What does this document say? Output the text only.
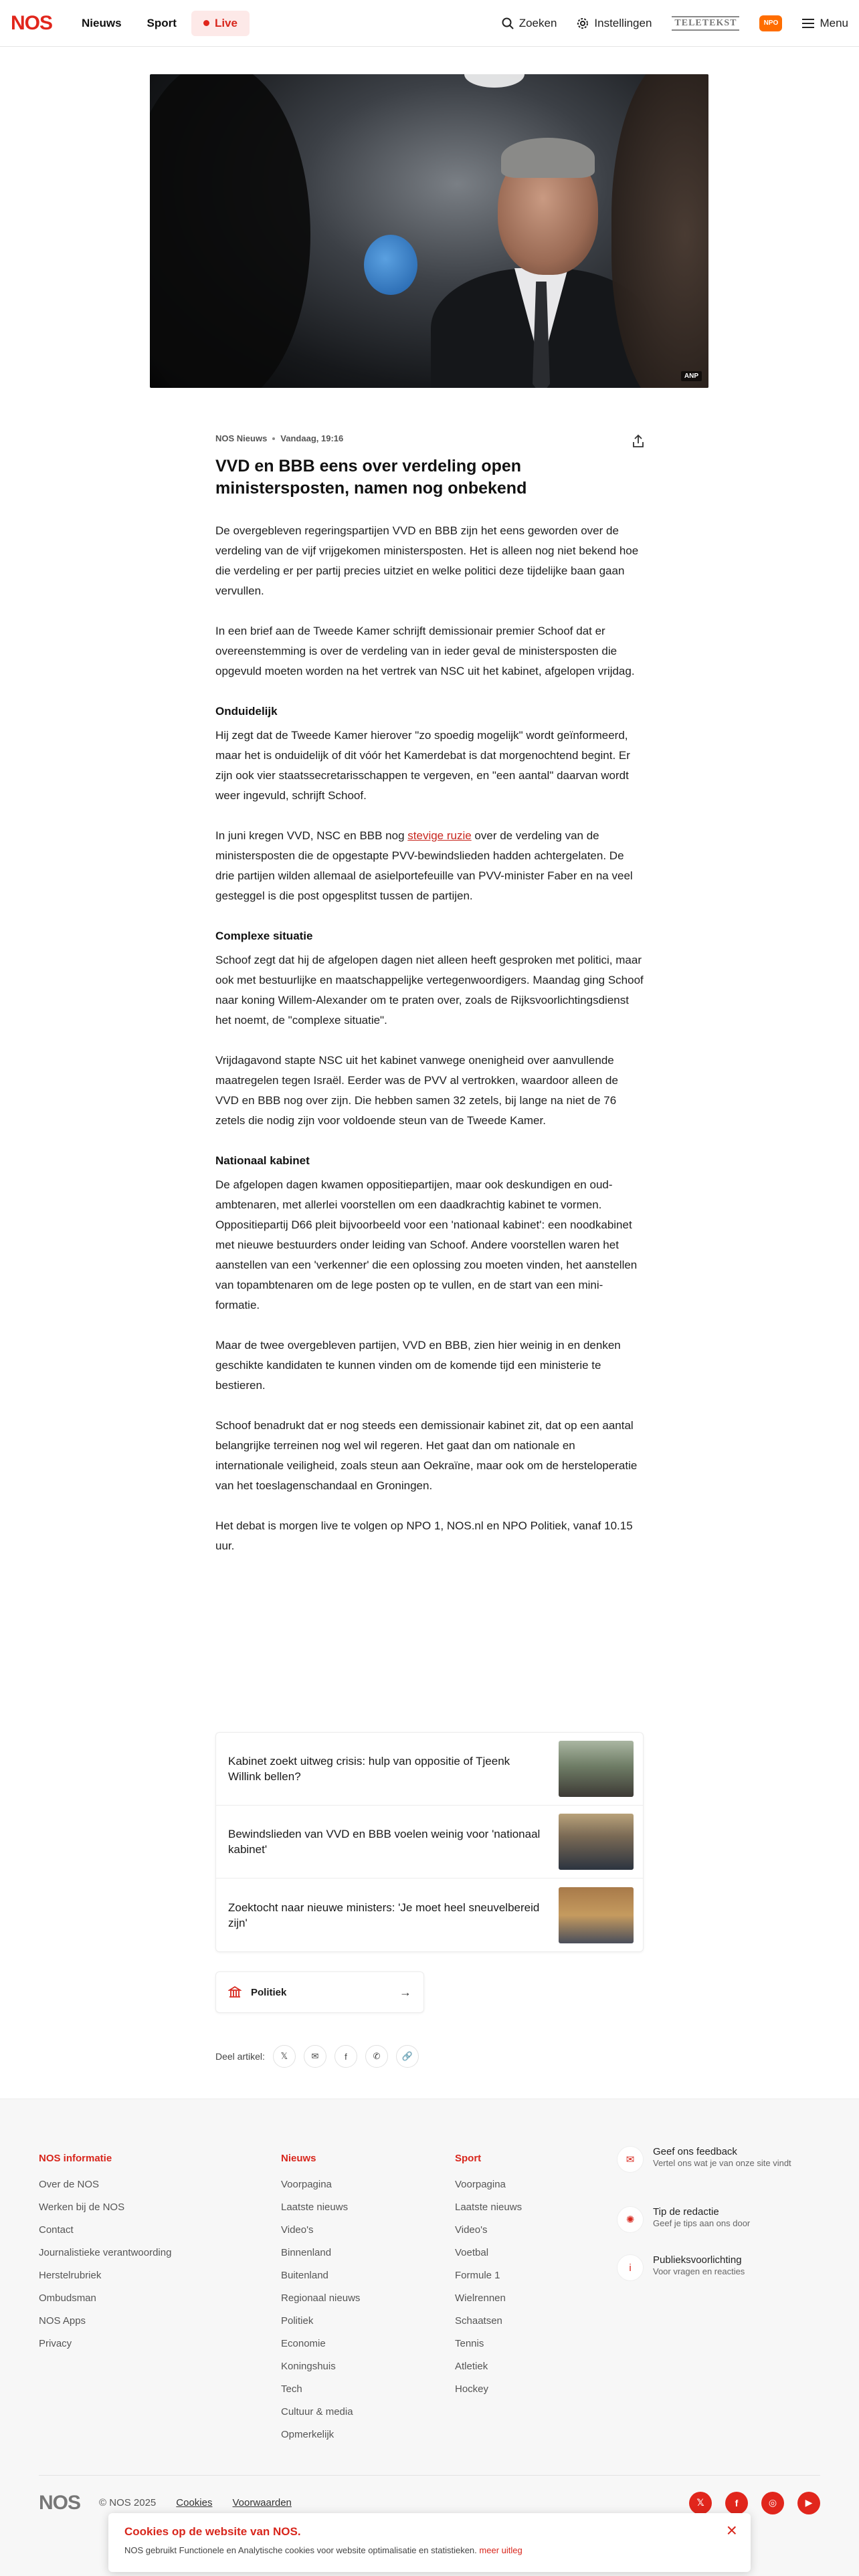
NOS	Nieuws	Sport	Live	Zoeken	Instellingen TELETEKST	NPO	Menu
ANP
NOS Nieuws Vandaag, 19:16
VVD en BBB eens over verdeling open ministersposten, namen nog onbekend

De overgebleven regeringspartijen VVD en BBB zijn het eens geworden over de verdeling van de vijf vrijgekomen ministersposten. Het is alleen nog niet bekend hoe die verdeling er per partij precies uitziet en welke politici deze tijdelijke baan gaan vervullen.

In een brief aan de Tweede Kamer schrijft demissionair premier Schoof dat er overeenstemming is over de verdeling van in ieder geval de ministersposten die opgevuld moeten worden na het vertrek van NSC uit het kabinet, afgelopen vrijdag.

Onduidelijk

Hij zegt dat de Tweede Kamer hierover "zo spoedig mogelijk" wordt geïnformeerd, maar het is onduidelijk of dit vóór het Kamerdebat is dat morgenochtend begint. Er zijn ook vier staatssecretarisschappen te vergeven, en "een aantal" daarvan wordt weer ingevuld, schrijft Schoof.

In juni kregen VVD, NSC en BBB nog stevige ruzie over de verdeling van de ministersposten die de opgestapte PVV-bewindslieden hadden achtergelaten. De drie partijen wilden allemaal de asielportefeuille van PVV-minister Faber en na veel gesteggel is die post opgesplitst tussen de partijen.

Complexe situatie

Schoof zegt dat hij de afgelopen dagen niet alleen heeft gesproken met politici, maar ook met bestuurlijke en maatschappelijke vertegenwoordigers. Maandag ging Schoof naar koning Willem-Alexander om te praten over, zoals de Rijksvoorlichtingsdienst het noemt, de "complexe situatie".

Vrijdagavond stapte NSC uit het kabinet vanwege onenigheid over aanvullende maatregelen tegen Israël. Eerder was de PVV al vertrokken, waardoor alleen de VVD en BBB nog over zijn. Die hebben samen 32 zetels, bij lange na niet de 76 zetels die nodig zijn voor voldoende steun van de Tweede Kamer.

Nationaal kabinet

De afgelopen dagen kwamen oppositiepartijen, maar ook deskundigen en oud-ambtenaren, met allerlei voorstellen om een daadkrachtig kabinet te vormen. Oppositiepartij D66 pleit bijvoorbeeld voor een 'nationaal kabinet': een noodkabinet met nieuwe bestuurders onder leiding van Schoof. Andere voorstellen waren het aanstellen van een 'verkenner' die een oplossing zou moeten vinden, het aanstellen van topambtenaren om de lege posten op te vullen, en de start van een mini-formatie.

Maar de twee overgebleven partijen, VVD en BBB, zien hier weinig in en denken geschikte kandidaten te kunnen vinden om de komende tijd een ministerie te bestieren.

Schoof benadrukt dat er nog steeds een demissionair kabinet zit, dat op een aantal belangrijke terreinen nog wel wil regeren. Het gaat dan om nationale en internationale veiligheid, zoals steun aan Oekraïne, maar ook om de hersteloperatie van het toeslagenschandaal en Groningen.

Het debat is morgen live te volgen op NPO 1, NOS.nl en NPO Politiek, vanaf 10.15 uur.

Kabinet zoekt uitweg crisis: hulp van oppositie of Tjeenk Willink bellen?
Bewindslieden van VVD en BBB voelen weinig voor 'nationaal kabinet'
Zoektocht naar nieuwe ministers: 'Je moet heel sneuvelbereid zijn'
Politiek	→
Deel artikel:	𝕏	✉	f	✆	🔗
NOS informatie
Over de NOS
Werken bij de NOS
Contact
Journalistieke verantwoording
Herstelrubriek
Ombudsman
NOS Apps
Privacy
Nieuws
Voorpagina
Laatste nieuws
Video's
Binnenland
Buitenland
Regionaal nieuws
Politiek
Economie
Koningshuis
Tech
Cultuur & media
Opmerkelijk
Sport
Voorpagina
Laatste nieuws
Video's
Voetbal
Formule 1
Wielrennen
Schaatsen
Tennis
Atletiek
Hockey
✉
Geef ons feedback
Vertel ons wat je van onze site vindt
✺
Tip de redactie
Geef je tips aan ons door
i
Publieksvoorlichting
Voor vragen en reacties
NOS © NOS 2025 Cookies Voorwaarden	𝕏	f	◎	▶
Cookies op de website van NOS.
NOS gebruikt Functionele en Analytische cookies voor website optimalisatie en statistieken. meer uitleg
×
